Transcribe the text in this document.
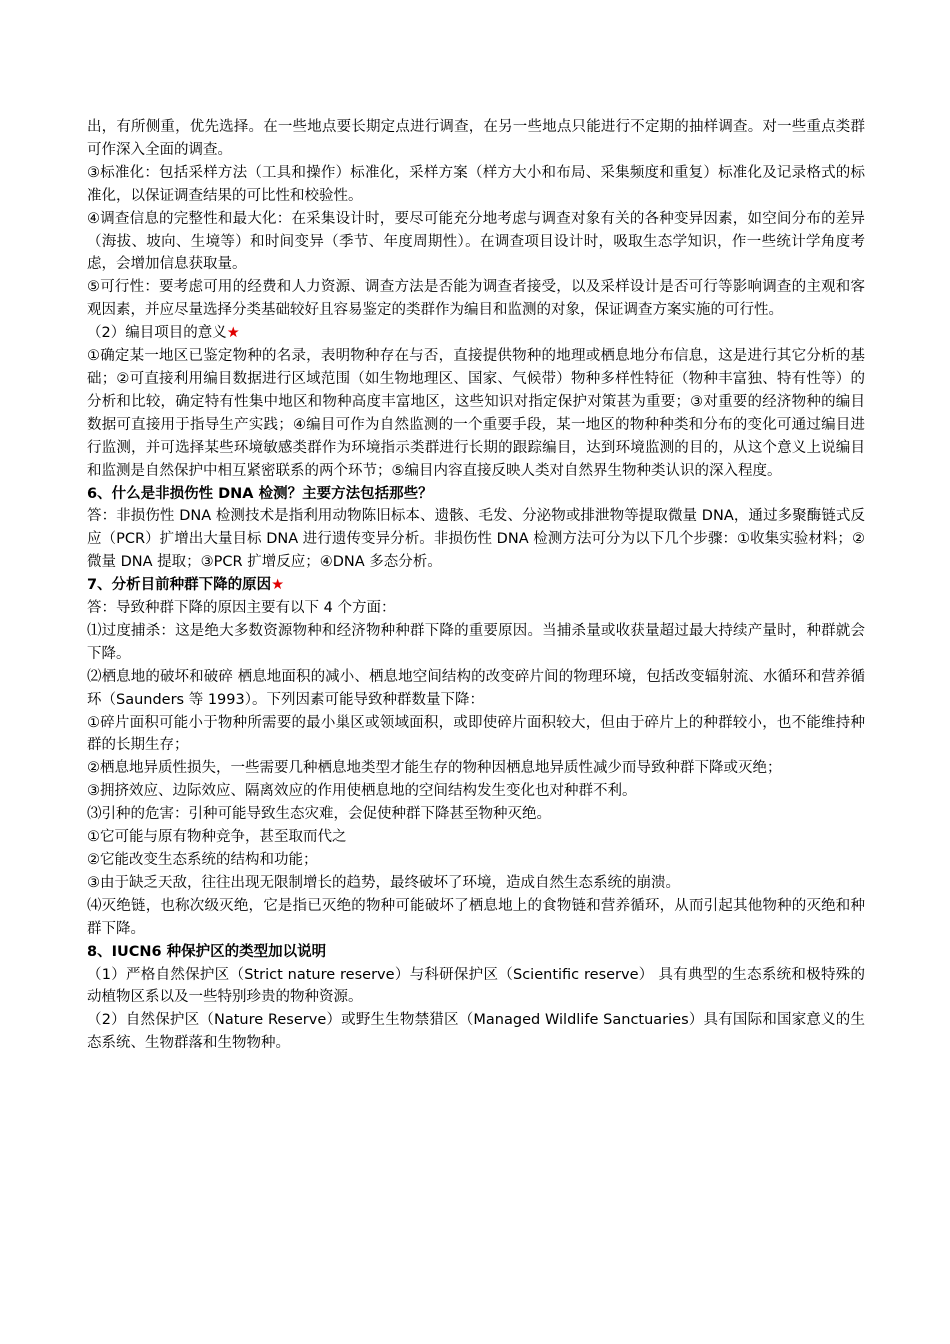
出，有所侧重，优先选择。在一些地点要长期定点进行调查，在另一些地点只能进行不定期的抽样调查。对一些重点类群可作深入全面的调查。
③标准化：包括采样方法（工具和操作）标准化，采样方案（样方大小和布局、采集频度和重复）标准化及记录格式的标准化，以保证调查结果的可比性和校验性。
④调查信息的完整性和最大化：在采集设计时，要尽可能充分地考虑与调查对象有关的各种变异因素，如空间分布的差异（海拔、坡向、生境等）和时间变异（季节、年度周期性）。在调查项目设计时，吸取生态学知识，作一些统计学角度考虑，会增加信息获取量。
⑤可行性：要考虑可用的经费和人力资源、调查方法是否能为调查者接受，以及采样设计是否可行等影响调查的主观和客观因素，并应尽量选择分类基础较好且容易鉴定的类群作为编目和监测的对象，保证调查方案实施的可行性。
（2）编目项目的意义★
①确定某一地区已鉴定物种的名录，表明物种存在与否，直接提供物种的地理或栖息地分布信息，这是进行其它分析的基础；②可直接利用编目数据进行区域范围（如生物地理区、国家、气候带）物种多样性特征（物种丰富独、特有性等）的分析和比较，确定特有性集中地区和物种高度丰富地区，这些知识对指定保护对策甚为重要；③对重要的经济物种的编目数据可直接用于指导生产实践；④编目可作为自然监测的一个重要手段，某一地区的物种种类和分布的变化可通过编目进行监测，并可选择某些环境敏感类群作为环境指示类群进行长期的跟踪编目，达到环境监测的目的，从这个意义上说编目和监测是自然保护中相互紧密联系的两个环节；⑤编目内容直接反映人类对自然界生物种类认识的深入程度。
6、什么是非损伤性 DNA 检测？主要方法包括那些？
答：非损伤性 DNA 检测技术是指利用动物陈旧标本、遗骸、毛发、分泌物或排泄物等提取微量 DNA，通过多聚酶链式反应（PCR）扩增出大量目标 DNA 进行遗传变异分析。非损伤性 DNA 检测方法可分为以下几个步骤：①收集实验材料；②微量 DNA 提取；③PCR 扩增反应；④DNA 多态分析。
7、分析目前种群下降的原因★
答：导致种群下降的原因主要有以下 4 个方面：
⑴过度捕杀：这是绝大多数资源物种和经济物种种群下降的重要原因。当捕杀量或收获量超过最大持续产量时，种群就会下降。
⑵栖息地的破坏和破碎 栖息地面积的减小、栖息地空间结构的改变碎片间的物理环境，包括改变辐射流、水循环和营养循环（Saunders 等 1993）。下列因素可能导致种群数量下降：
①碎片面积可能小于物种所需要的最小巢区或领域面积，或即使碎片面积较大，但由于碎片上的种群较小，也不能维持种群的长期生存；
②栖息地异质性损失，一些需要几种栖息地类型才能生存的物种因栖息地异质性减少而导致种群下降或灭绝；
③拥挤效应、边际效应、隔离效应的作用使栖息地的空间结构发生变化也对种群不利。
⑶引种的危害：引种可能导致生态灾难，会促使种群下降甚至物种灭绝。
①它可能与原有物种竞争，甚至取而代之
②它能改变生态系统的结构和功能；
③由于缺乏天敌，往往出现无限制增长的趋势，最终破坏了环境，造成自然生态系统的崩溃。
⑷灭绝链，也称次级灭绝，它是指已灭绝的物种可能破坏了栖息地上的食物链和营养循环，从而引起其他物种的灭绝和种群下降。
8、IUCN6 种保护区的类型加以说明
（1）严格自然保护区（Strict nature reserve）与科研保护区（Scientific reserve） 具有典型的生态系统和极特殊的动植物区系以及一些特别珍贵的物种资源。
（2）自然保护区（Nature Reserve）或野生生物禁猎区（Managed Wildlife Sanctuaries）具有国际和国家意义的生态系统、生物群落和生物物种。
